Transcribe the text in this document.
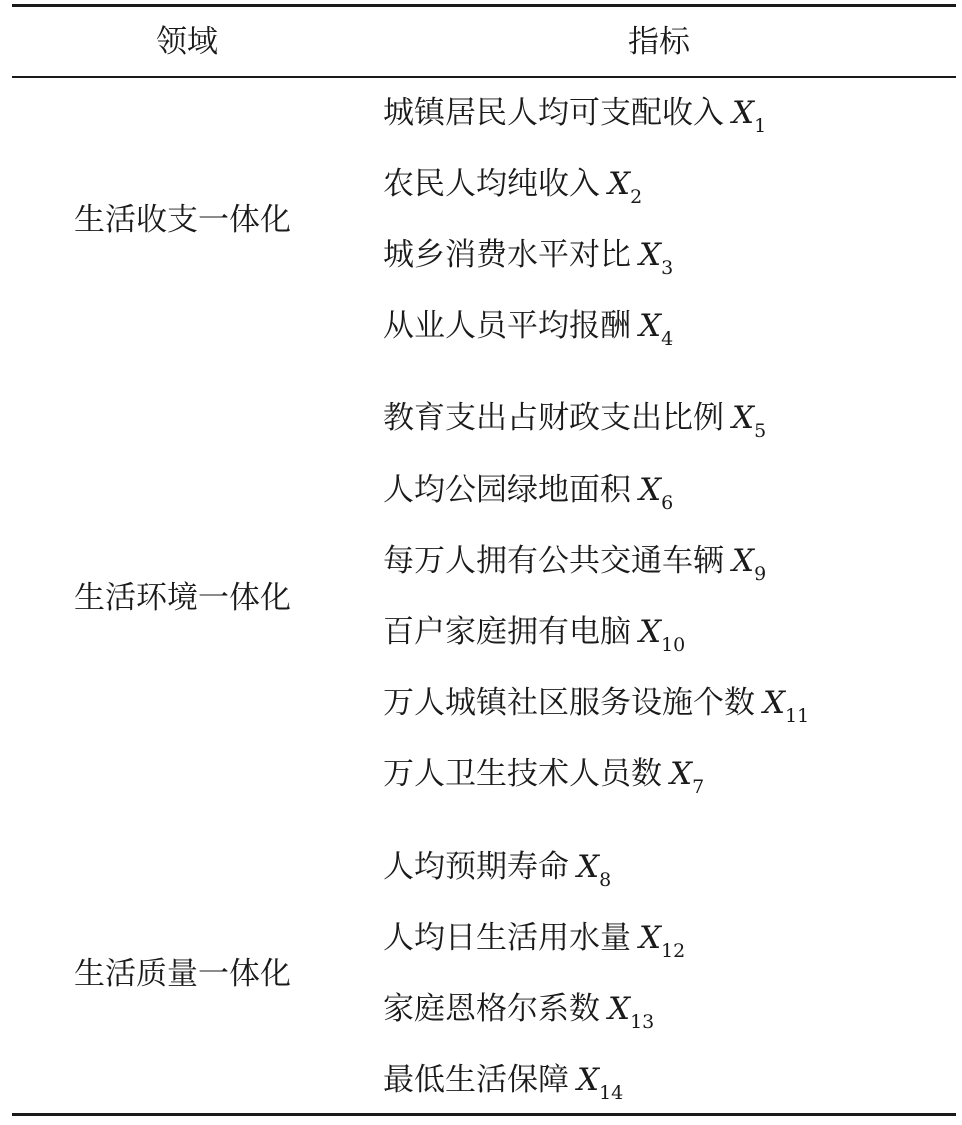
领域	指标
生活收支一体化
城镇居民人均可支配收入 $X_1$
农民人均纯收入 $X_2$
城乡消费水平对比 $X_3$
从业人员平均报酬 $X_4$
生活环境一体化
教育支出占财政支出比例 $X_5$
人均公园绿地面积 $X_6$
每万人拥有公共交通车辆 $X_9$
百户家庭拥有电脑 $X_{10}$
万人城镇社区服务设施个数 $X_{11}$
万人卫生技术人员数 $X_7$
生活质量一体化
人均预期寿命 $X_8$
人均日生活用水量 $X_{12}$
家庭恩格尔系数 $X_{13}$
最低生活保障 $X_{14}$
